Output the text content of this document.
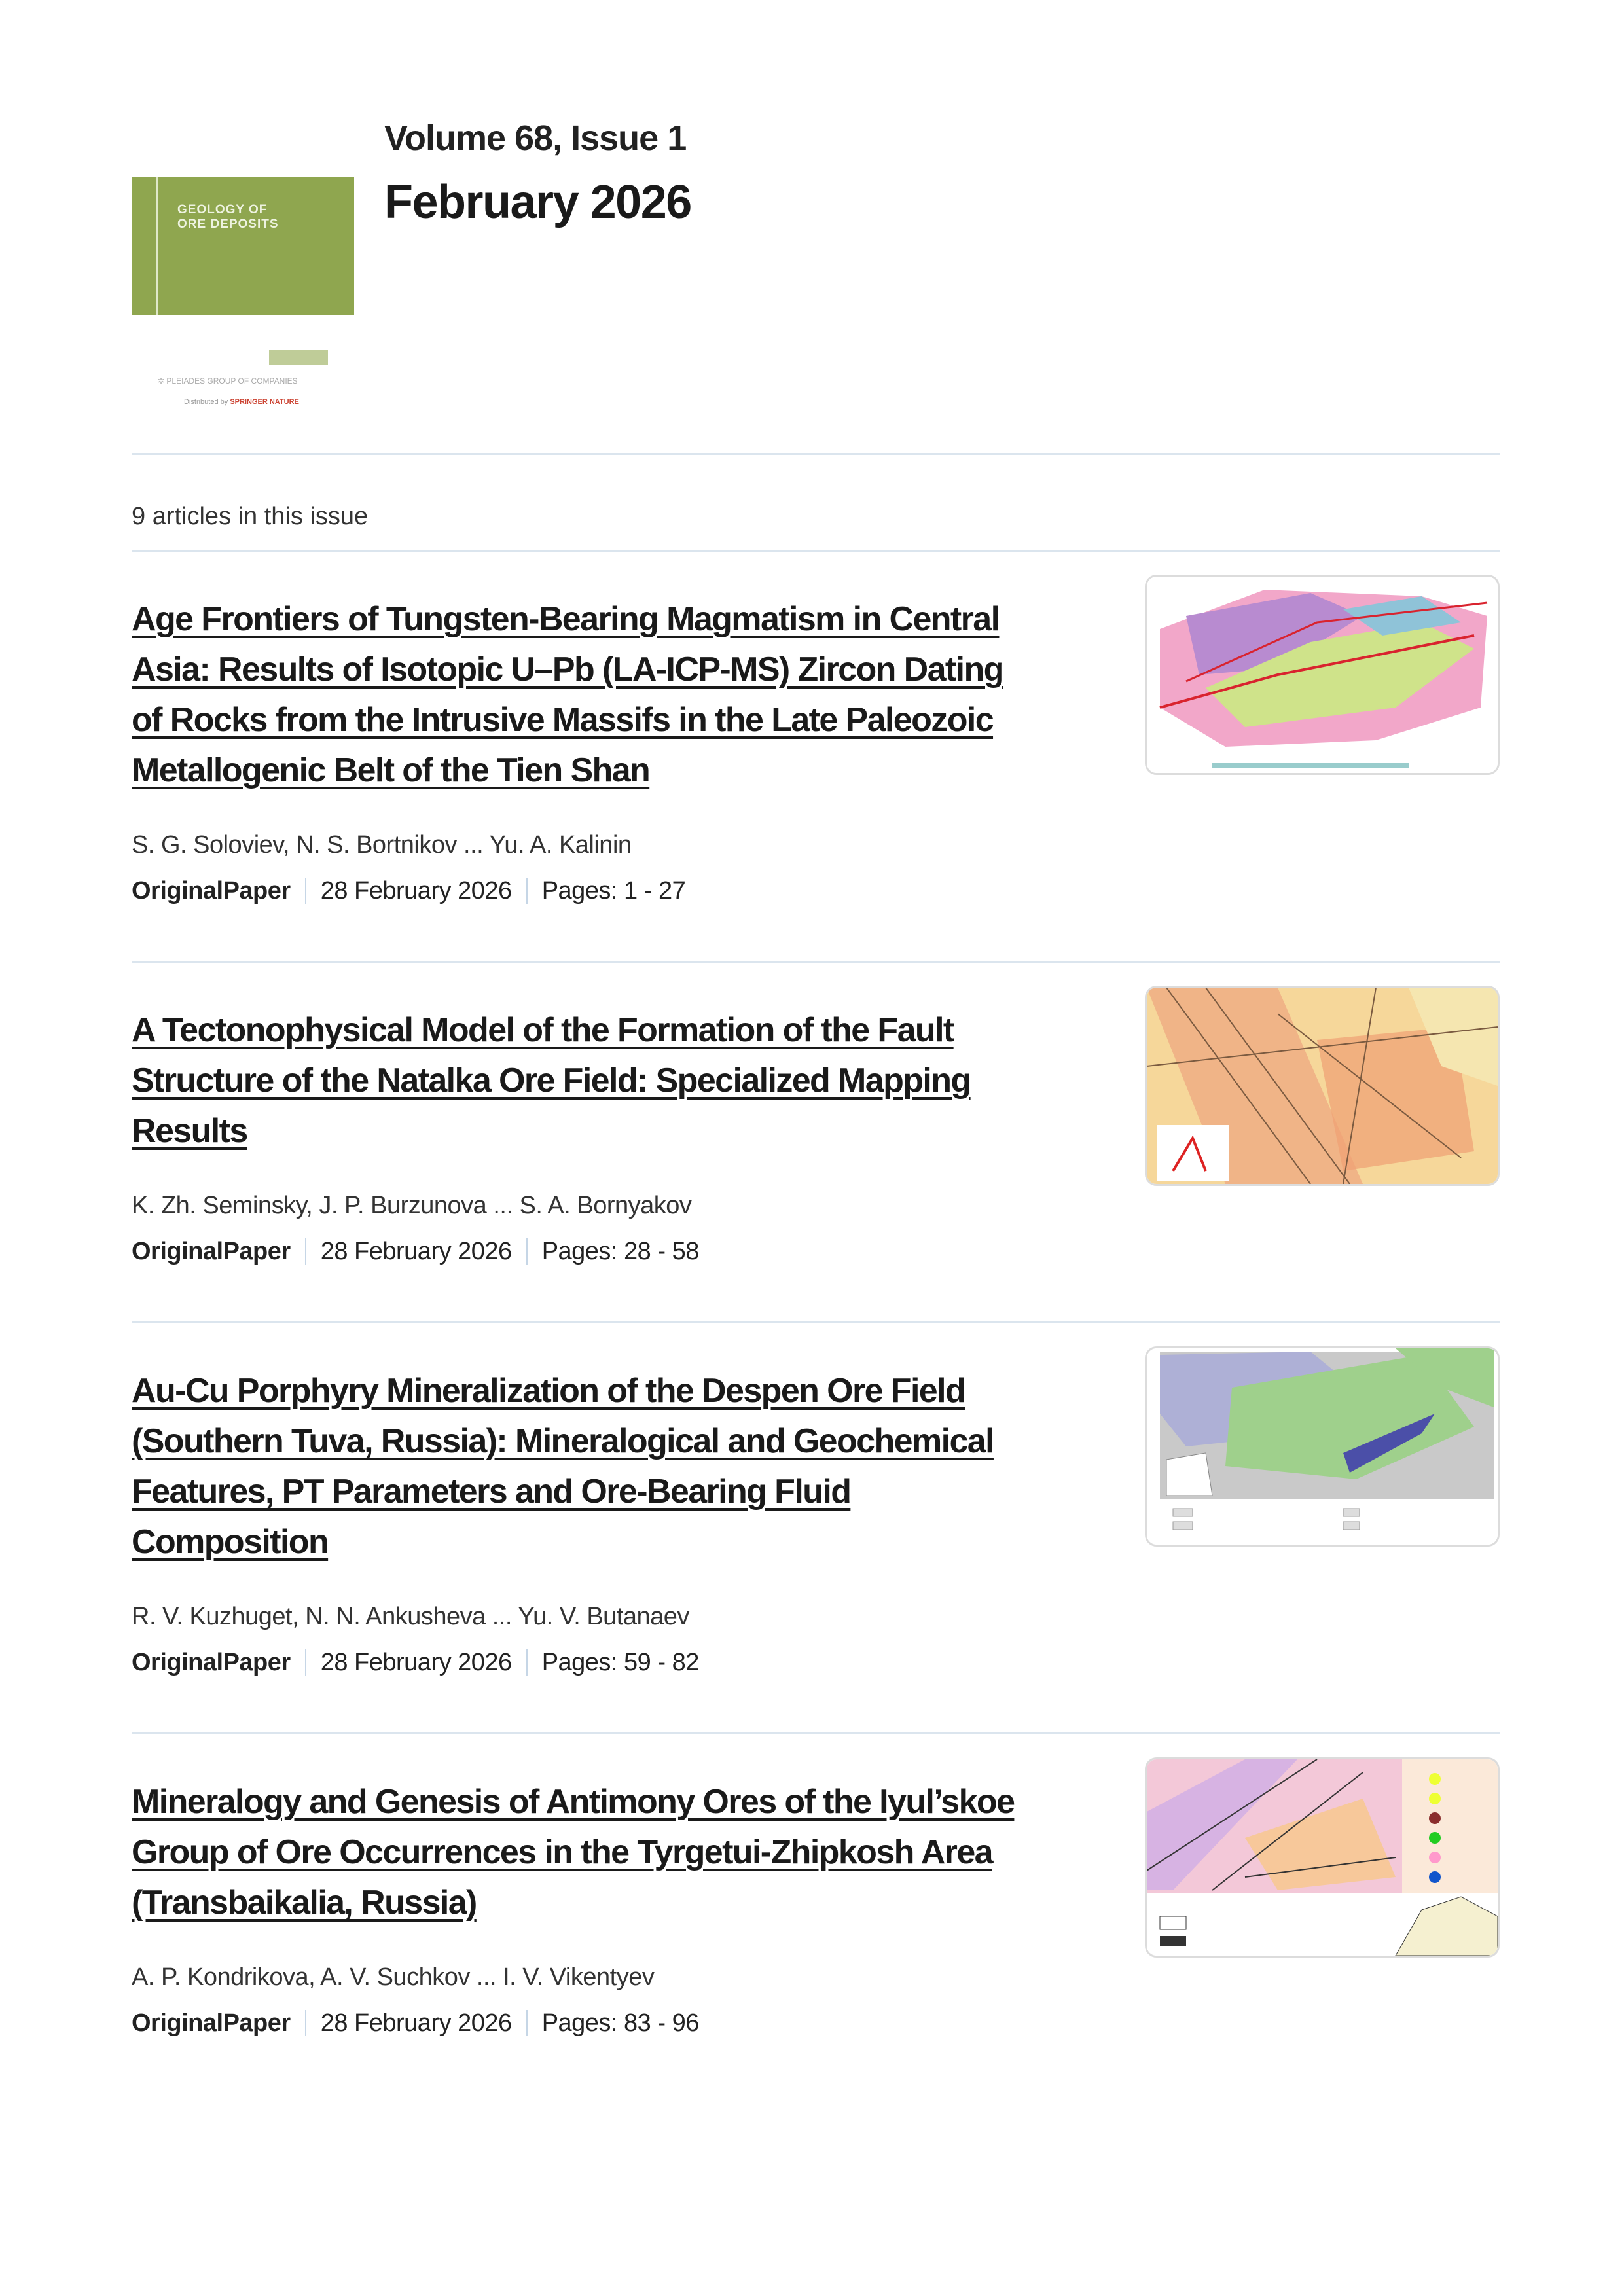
GEOLOGY OF
ORE DEPOSITS
✲ PLEIADES GROUP OF COMPANIES
Distributed by SPRINGER NATURE
Volume 68, Issue 1
February 2026
9 articles in this issue
Age Frontiers of Tungsten-Bearing Magmatism in Central
Asia: Results of Isotopic U–Pb (LA-ICP-MS) Zircon Dating
of Rocks from the Intrusive Massifs in the Late Paleozoic
Metallogenic Belt of the Tien Shan
S. G. Soloviev, N. S. Bortnikov ... Yu. A. Kalinin
OriginalPaper 28 February 2026 Pages: 1 - 27
A Tectonophysical Model of the Formation of the Fault
Structure of the Natalka Ore Field: Specialized Mapping
Results
K. Zh. Seminsky, J. P. Burzunova ... S. A. Bornyakov
OriginalPaper 28 February 2026 Pages: 28 - 58
Au-Cu Porphyry Mineralization of the Despen Ore Field
(Southern Tuva, Russia): Mineralogical and Geochemical
Features, PT Parameters and Ore-Bearing Fluid
Composition
R. V. Kuzhuget, N. N. Ankusheva ... Yu. V. Butanaev
OriginalPaper 28 February 2026 Pages: 59 - 82
Mineralogy and Genesis of Antimony Ores of the Iyul’skoe
Group of Ore Occurrences in the Tyrgetui-Zhipkosh Area
(Transbaikalia, Russia)
A. P. Kondrikova, A. V. Suchkov ... I. V. Vikentyev
OriginalPaper 28 February 2026 Pages: 83 - 96
